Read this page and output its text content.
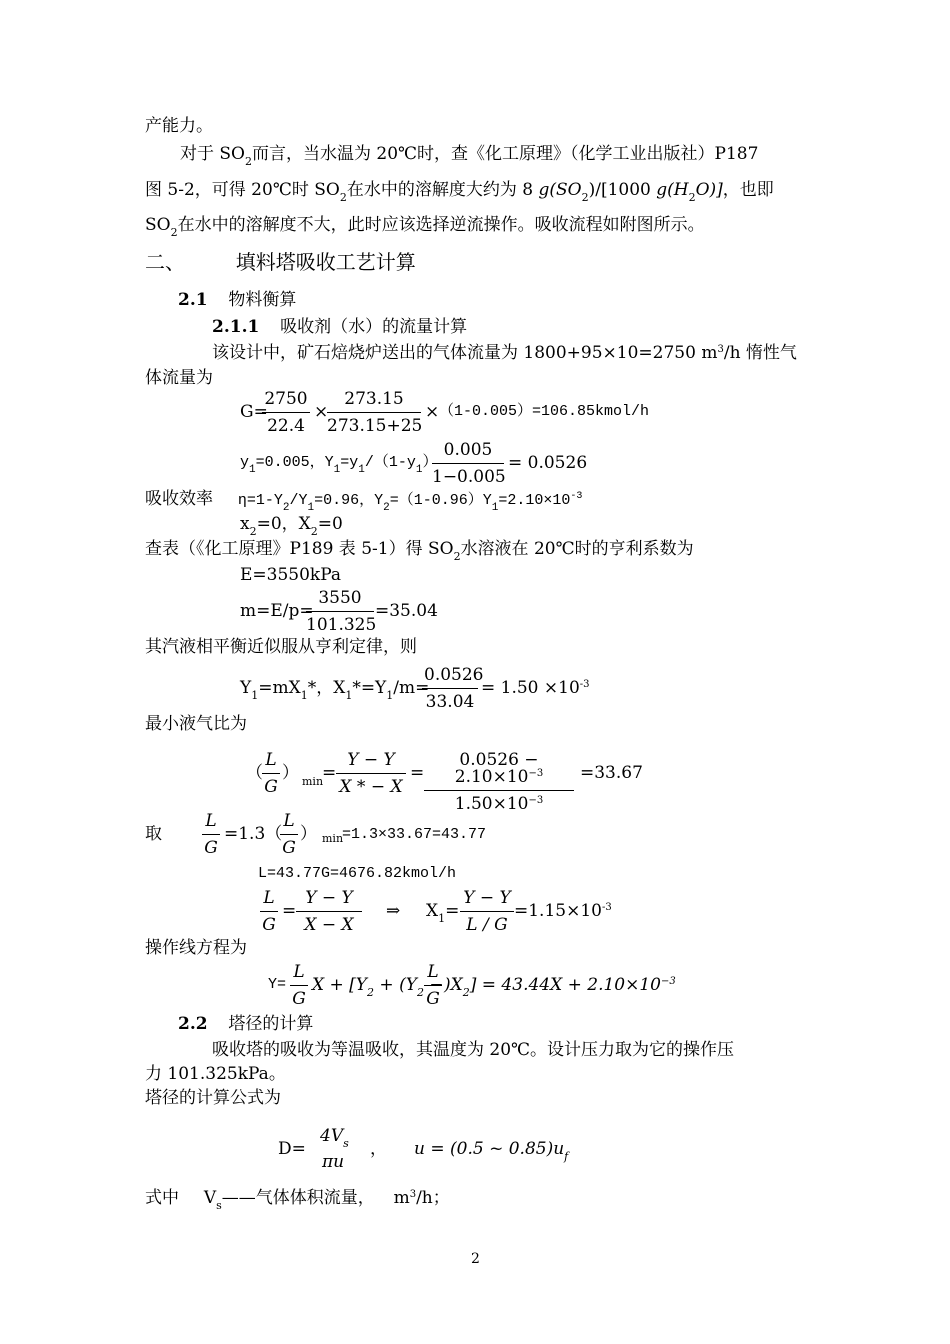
产能力。
对于 $SO_2$而言，当水温为 20℃时，查《化工原理》（化学工业出版社）P187
图 5-2，可得 20℃时 $SO_2$在水中的溶解度大约为 8 $g(SO_2)/[1000$ $g(H_2O)$]，也即
$SO_2$在水中的溶解度不大，此时应该选择逆流操作。吸收流程如附图所示。
二、	填料塔吸收工艺计算
2.1 物料衡算
2.1.1 吸收剂（水）的流量计算
该设计中，矿石焙烧炉送出的气体流量为 1800+95×10=2750 $m^3/h$ 惰性气
体流量为
G=
$\frac{2750}{22.4}$ ×
$\frac{273.15}{273.15+25}$ × （1-0.005）=106.85kmol/h
$y_1=0.005$，$Y_1=y_1/(1-y_1)$
$\frac{0.005}{1-0.005} = 0.0526$
吸收效率 $\eta=1-Y_2/Y_1=0.96$，$Y_2=(1-0.96)Y_1=2.10\times 10^{-3}$
$x_2=0$，$X_2=0$
查表（《化工原理》P189 表 5-1）得 $SO_2$水溶液在 20℃时的亨利系数为
E=3550kPa
m=E/p=
$\frac{3550}{101.325} =35.04$
其汽液相平衡近似服从亨利定律，则
$Y_1=mX_1*$，$X_1*=Y_1/m=$
$\frac{0.0526}{33.04} = 1.50 \times 10^{-3}$
最小液气比为
（ $\frac{L}{G}$ ） min
= $\frac{Y - Y}{X * - X} = \frac{0.0526 - 2.10\times 10^{-3}}{1.50\times 10^{-3}} =33.67$
取 $\frac{L}{G} =1.3$（
$\frac{L}{G}$ ） min
=1.3×33.67=43.77
L=43.77G=4676.82kmol/h
$\frac{L}{G} = \frac{Y - Y}{X - X}$ ⇒ $X_1= \frac{Y - Y}{L / G} =1.15\times 10^{-3}$
操作线方程为
$Y= \frac{L}{G}$ $X + [Y_2 + (Y_2$ −
$\frac{L}{G} )X_2] = 43.44X + 2.10\times 10^{-3}$
2.2 塔径的计算
吸收塔的吸收为等温吸收，其温度为 20℃。设计压力取为它的操作压
力 101.325kPa。
塔径的计算公式为
D=
$4V_s$
πu
， u = (0.5 ~ $0.85)u_f$
式中 $V_s——$气体体积流量， $m^3/h$；
2
